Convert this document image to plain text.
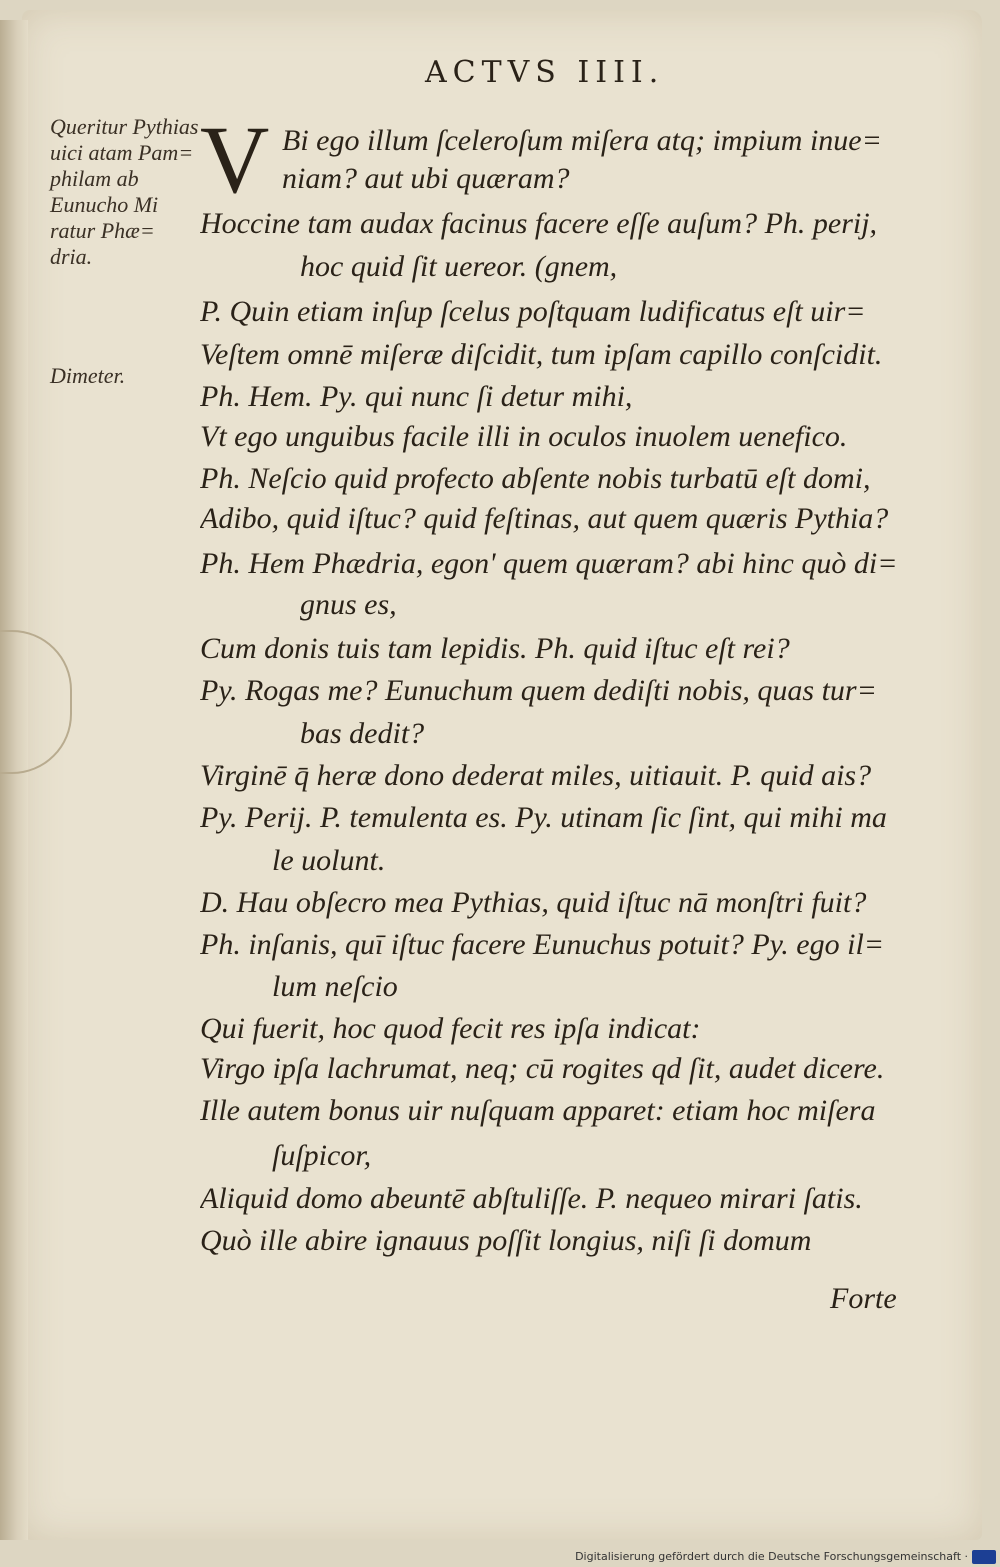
ACTVS IIII.
Queritur Pythias uici atam Pam= philam ab Eunucho Mi ratur Phæ= dria.
Dimeter.
V Bi ego illum ſceleroſum miſera atq; impium inue=
niam? aut ubi quæram?
Hoccine tam audax facinus facere eſſe auſum? Ph. perij,
hoc quid ſit uereor. (gnem,
P. Quin etiam inſup ſcelus poſtquam ludificatus eſt uir=
Veſtem omnē miſeræ diſcidit, tum ipſam capillo conſcidit.
Ph. Hem. Py. qui nunc ſi detur mihi,
Vt ego unguibus facile illi in oculos inuolem uenefico.
Ph. Neſcio quid profecto abſente nobis turbatū eſt domi,
Adibo, quid iſtuc? quid feſtinas, aut quem quæris Pythia?
Ph. Hem Phædria, egon' quem quæram? abi hinc quò di=
gnus es,
Cum donis tuis tam lepidis. Ph. quid iſtuc eſt rei?
Py. Rogas me? Eunuchum quem dediſti nobis, quas tur=
bas dedit?
Virginē q̄ heræ dono dederat miles, uitiauit. P. quid ais?
Py. Perij. P. temulenta es. Py. utinam ſic ſint, qui mihi ma
le uolunt.
D. Hau obſecro mea Pythias, quid iſtuc nā monſtri fuit?
Ph. inſanis, quī iſtuc facere Eunuchus potuit? Py. ego il=
lum neſcio
Qui fuerit, hoc quod fecit res ipſa indicat:
Virgo ipſa lachrumat, neq; cū rogites qd ſit, audet dicere.
Ille autem bonus uir nuſquam apparet: etiam hoc miſera
ſuſpicor,
Aliquid domo abeuntē abſtuliſſe. P. nequeo mirari ſatis.
Quò ille abire ignauus poſſit longius, niſi ſi domum
Forte
Digitalisierung gefördert durch die Deutsche Forschungsgemeinschaft ·
